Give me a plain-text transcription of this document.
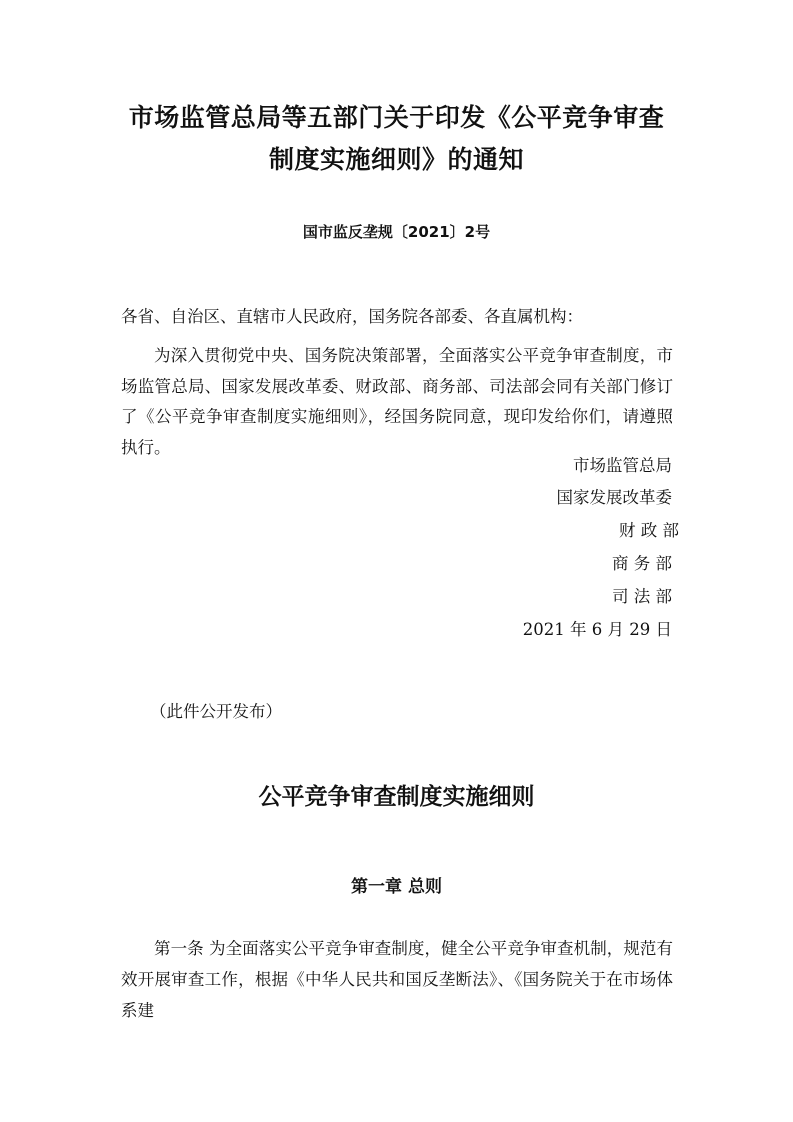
市场监管总局等五部门关于印发《公平竞争审查
制度实施细则》的通知
国市监反垄规〔2021〕2号
各省、自治区、直辖市人民政府，国务院各部委、各直属机构：

为深入贯彻党中央、国务院决策部署，全面落实公平竞争审查制度，市场监管总局、国家发展改革委、财政部、商务部、司法部会同有关部门修订了《公平竞争审查制度实施细则》，经国务院同意，现印发给你们，请遵照执行。

市场监管总局
国家发展改革委
财 政 部
商 务 部
司 法 部
2021 年 6 月 29 日
（此件公开发布）
公平竞争审查制度实施细则
第一章 总则

第一条 为全面落实公平竞争审查制度，健全公平竞争审查机制，规范有效开展审查工作，根据《中华人民共和国反垄断法》、《国务院关于在市场体系建
